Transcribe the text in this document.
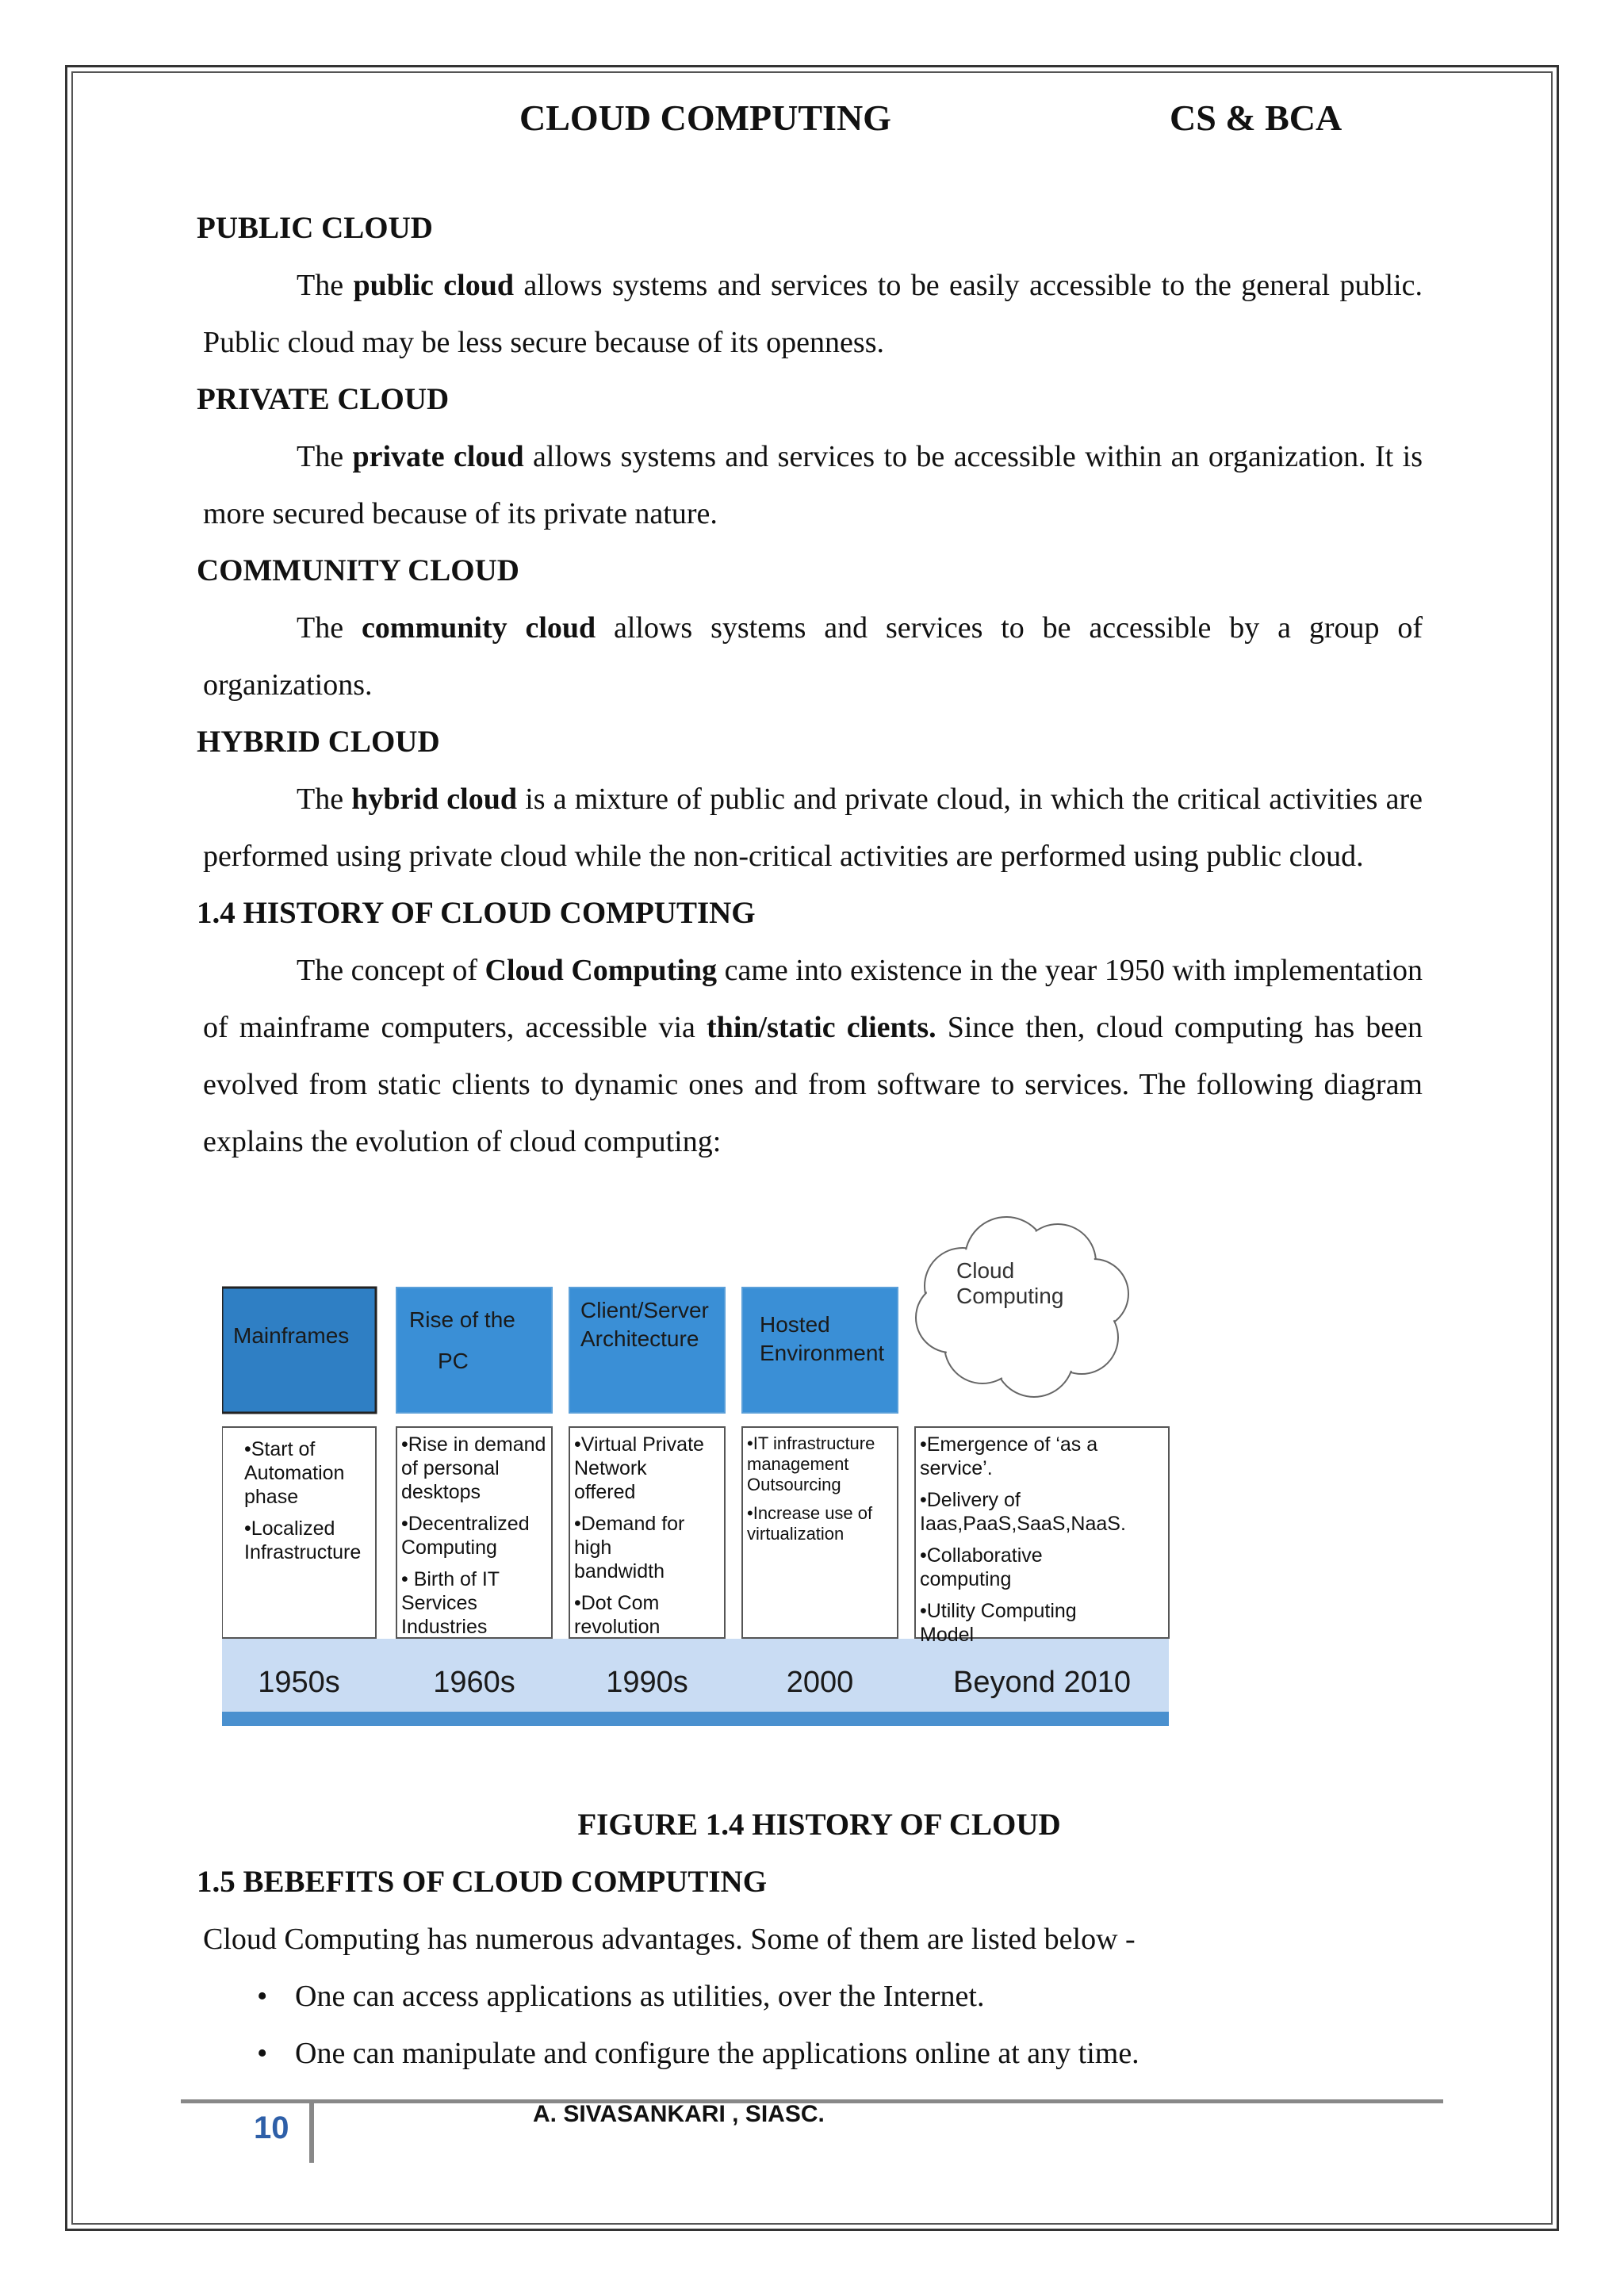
CLOUD COMPUTING	CS & BCA

PUBLIC CLOUD

The public cloud allows systems and services to be easily accessible to the general public. Public cloud may be less secure because of its openness.

PRIVATE CLOUD

The private cloud allows systems and services to be accessible within an organization. It is more secured because of its private nature.

COMMUNITY CLOUD

The community cloud allows systems and services to be accessible by a group of organizations.

HYBRID CLOUD

The hybrid cloud is a mixture of public and private cloud, in which the critical activities are performed using private cloud while the non-critical activities are performed using public cloud.

1.4 HISTORY OF CLOUD COMPUTING

The concept of Cloud Computing came into existence in the year 1950 with implementation of mainframe computers, accessible via thin/static clients. Since then, cloud computing has been evolved from static clients to dynamic ones and from software to services. The following diagram explains the evolution of cloud computing:

Mainframes
•Start of
Automation
phase
•Localized
Infrastructure
1950s
Rise of the
PC
•Rise in demand
of personal
desktops
•Decentralized
Computing
• Birth of IT
Services
Industries
1960s
Client/Server
Architecture
•Virtual Private
Network
offered
•Demand for
high
bandwidth
•Dot Com
revolution
1990s
Hosted
Environment
•IT infrastructure
management
Outsourcing
•Increase use of
virtualization
2000
Cloud
Computing
•Emergence of ‘as a
service’.
•Delivery of
Iaas,PaaS,SaaS,NaaS.
•Collaborative
computing
•Utility Computing
Model
Beyond 2010

FIGURE 1.4 HISTORY OF CLOUD

1.5 BEBEFITS OF CLOUD COMPUTING

Cloud Computing has numerous advantages. Some of them are listed below -

• One can access applications as utilities, over the Internet.
• One can manipulate and configure the applications online at any time.
10	A. SIVASANKARI , SIASC.
